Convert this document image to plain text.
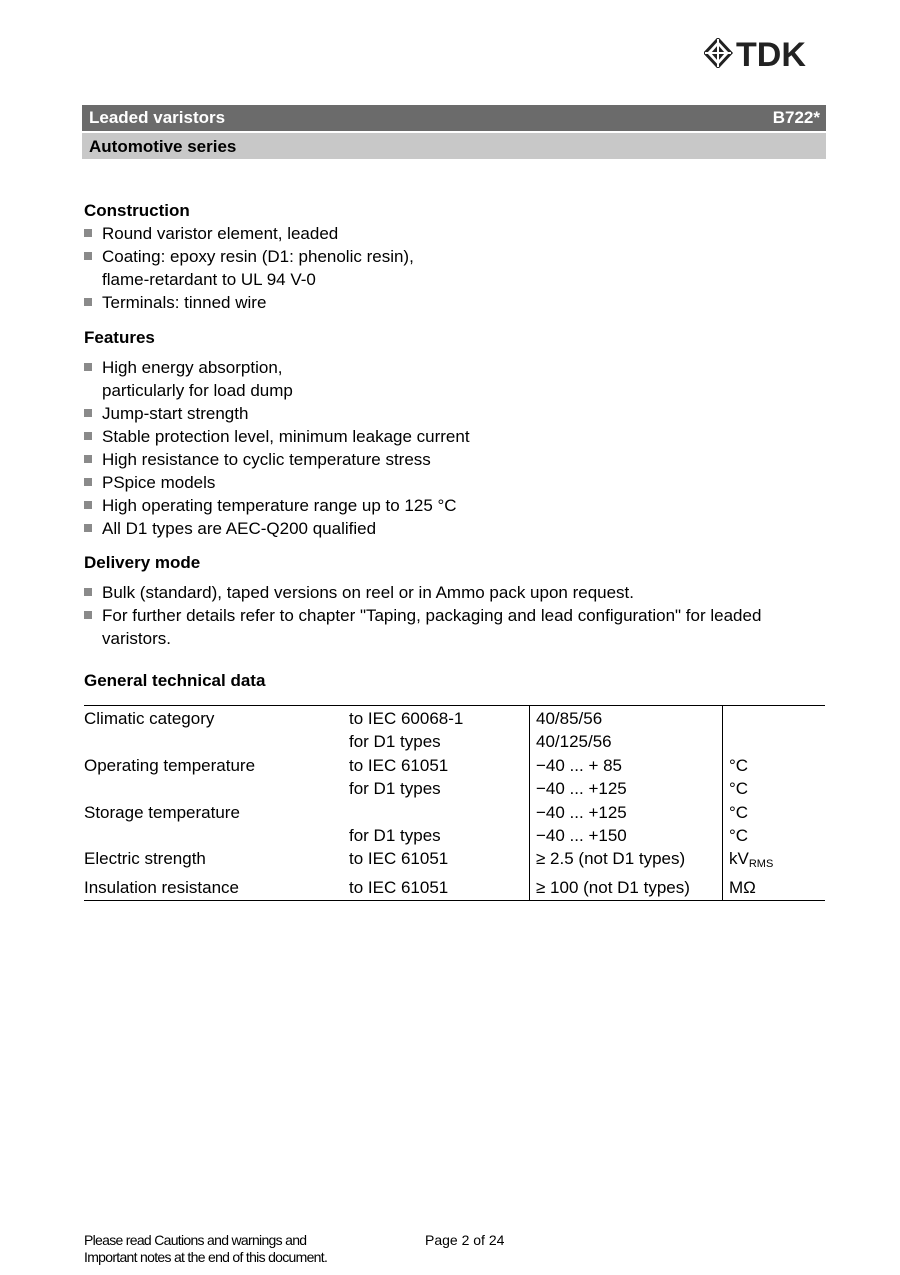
TDK
Leaded varistors	B722*
Automotive series
Construction
Round varistor element, leaded
Coating: epoxy resin (D1: phenolic resin),
flame-retardant to UL 94 V-0
Terminals: tinned wire
Features
High energy absorption,
particularly for load dump
Jump-start strength
Stable protection level, minimum leakage current
High resistance to cyclic temperature stress
PSpice models
High operating temperature range up to 125 °C
All D1 types are AEC-Q200 qualified
Delivery mode
Bulk (standard), taped versions on reel or in Ammo pack upon request.
For further details refer to chapter "Taping, packaging and lead configuration" for leaded
varistors.
General technical data
Climatic category	to IEC 60068-1	40/85/56	
	for D1 types	40/125/56	
Operating temperature	to IEC 61051	−40 ... + 85	°C
	for D1 types	−40 ... +125	°C
Storage temperature		−40 ... +125	°C
	for D1 types	−40 ... +150	°C
Electric strength	to IEC 61051	≥ 2.5 (not D1 types)	$kV_{RMS}$
Insulation resistance	to IEC 61051	≥ 100 (not D1 types)	MΩ
Please read Cautions and warnings and
Important notes at the end of this document.
Page 2 of 24
